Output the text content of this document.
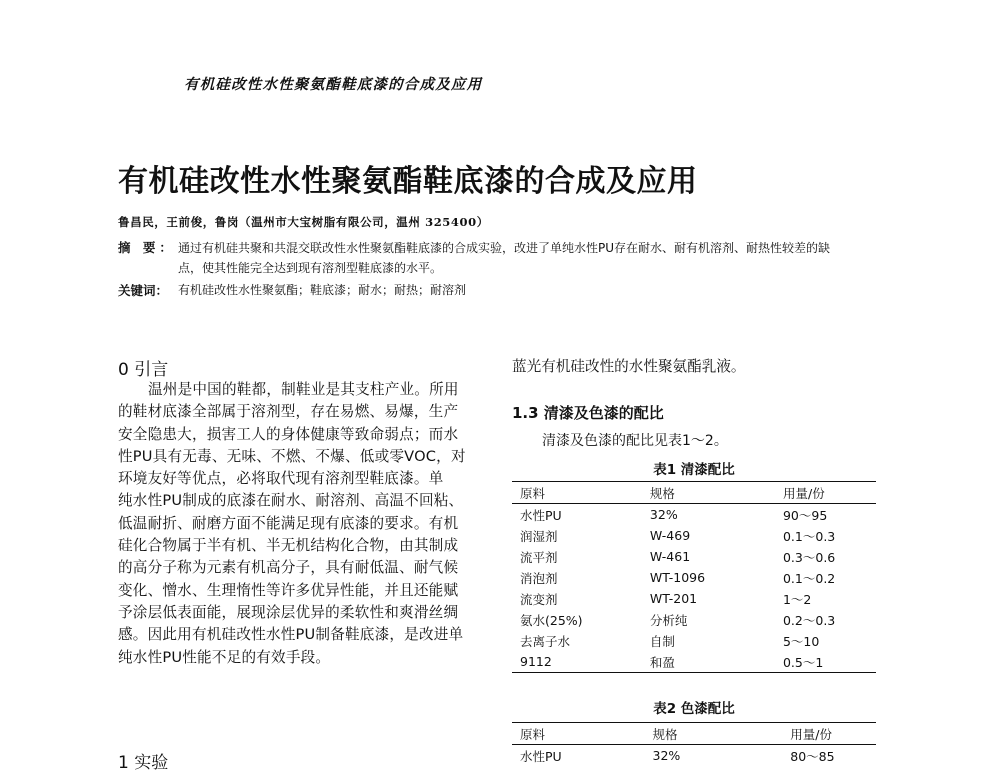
有机硅改性水性聚氨酯鞋底漆的合成及应用
有机硅改性水性聚氨酯鞋底漆的合成及应用
鲁昌民，王前俊，鲁岗（温州市大宝树脂有限公司，温州 325400）
摘 要： 通过有机硅共聚和共混交联改性水性聚氨酯鞋底漆的合成实验，改进了单纯水性PU存在耐水、耐有机溶剂、耐热性较差的缺点，使其性能完全达到现有溶剂型鞋底漆的水平。
关键词： 有机硅改性水性聚氨酯；鞋底漆；耐水；耐热；耐溶剂
0 引言
温州是中国的鞋都，制鞋业是其支柱产业。所用
的鞋材底漆全部属于溶剂型，存在易燃、易爆，生产
安全隐患大，损害工人的身体健康等致命弱点；而水
性PU具有无毒、无味、不燃、不爆、低或零VOC，对
环境友好等优点，必将取代现有溶剂型鞋底漆。单
纯水性PU制成的底漆在耐水、耐溶剂、高温不回粘、
低温耐折、耐磨方面不能满足现有底漆的要求。有机
硅化合物属于半有机、半无机结构化合物，由其制成
的高分子称为元素有机高分子，具有耐低温、耐气候
变化、憎水、生理惰性等许多优异性能，并且还能赋
予涂层低表面能，展现涂层优异的柔软性和爽滑丝绸
感。因此用有机硅改性水性PU制备鞋底漆，是改进单
纯水性PU性能不足的有效手段。
1 实验
蓝光有机硅改性的水性聚氨酯乳液。
1.3 清漆及色漆的配比
清漆及色漆的配比见表1～2。
表1 清漆配比
原料	规格	用量/份
水性PU	32%	90～95
润湿剂	W-469	0.1～0.3
流平剂	W-461	0.3～0.6
消泡剂	WT-1096	0.1～0.2
流变剂	WT-201	1～2
氨水(25%)	分析纯	0.2～0.3
去离子水	自制	5～10
9112	和盈	0.5～1
表2 色漆配比
原料	规格	用量/份
水性PU	32%	80～85
